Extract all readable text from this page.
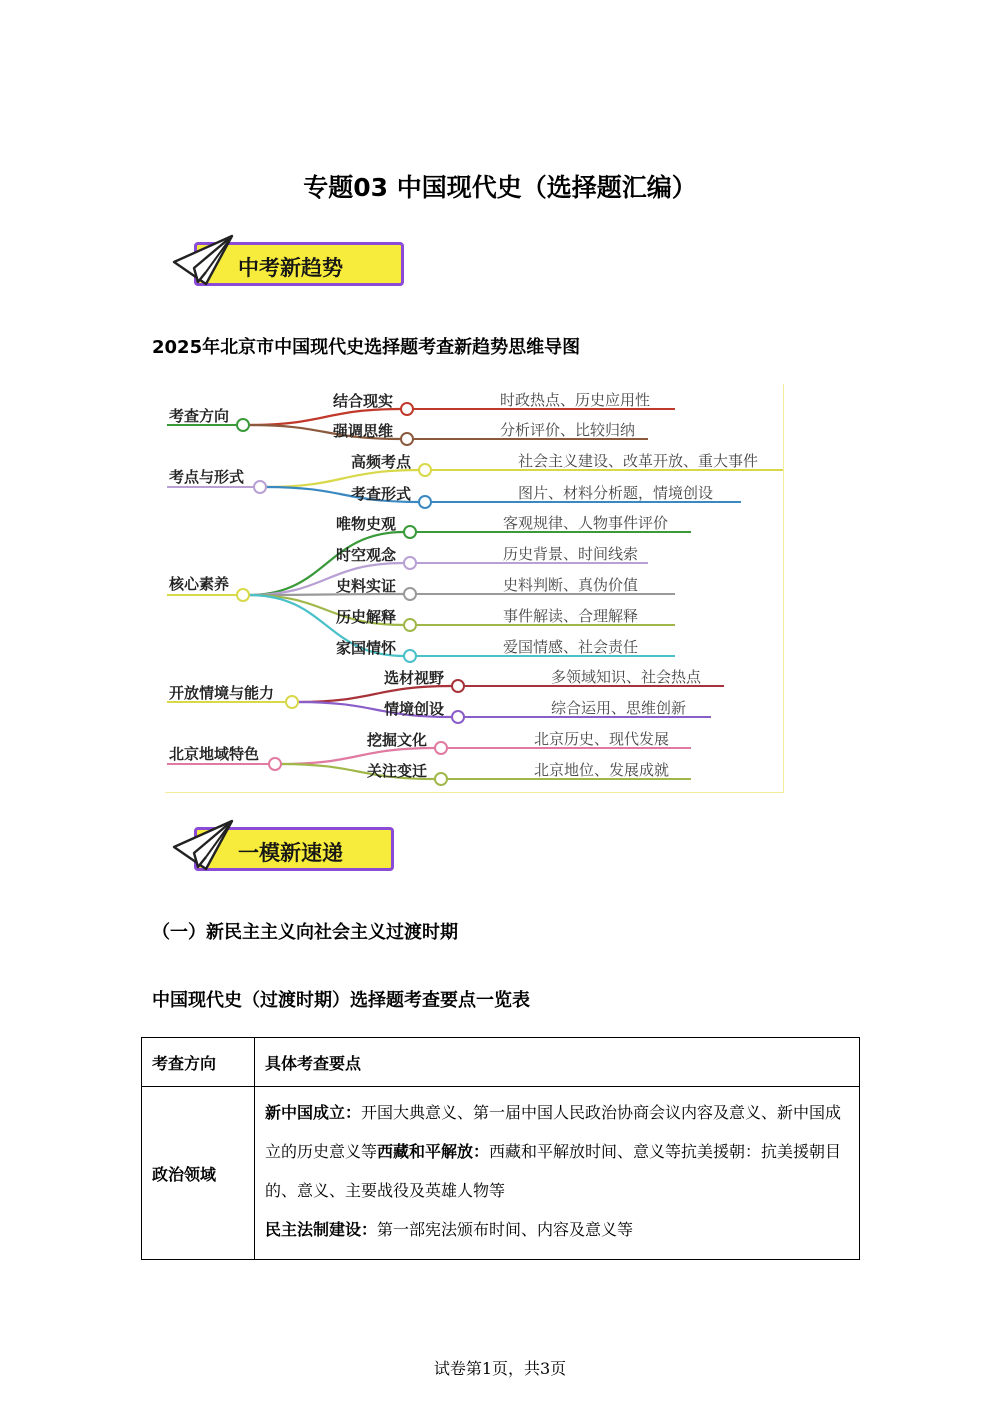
专题03 中国现代史（选择题汇编）
中考新趋势
2025年北京市中国现代史选择题考查新趋势思维导图
考查方向
结合现实	时政热点、历史应用性
强调思维	分析评价、比较归纳
考点与形式
高频考点	社会主义建设、改革开放、重大事件
考查形式	图片、材料分析题，情境创设
核心素养
唯物史观	客观规律、人物事件评价
时空观念	历史背景、时间线索
史料实证	史料判断、真伪价值
历史解释	事件解读、合理解释
家国情怀	爱国情感、社会责任
开放情境与能力
选材视野	多领域知识、社会热点
情境创设	综合运用、思维创新
北京地域特色
挖掘文化	北京历史、现代发展
关注变迁	北京地位、发展成就
一模新速递
（一）新民主主义向社会主义过渡时期
中国现代史（过渡时期）选择题考查要点一览表
考查方向	具体考查要点
政治领域	新中国成立：开国大典意义、第一届中国人民政治协商会议内容及意义、新中国成立的历史意义等西藏和平解放：西藏和平解放时间、意义等抗美援朝：抗美援朝目的、意义、主要战役及英雄人物等
民主法制建设：第一部宪法颁布时间、内容及意义等
试卷第1页，共3页
